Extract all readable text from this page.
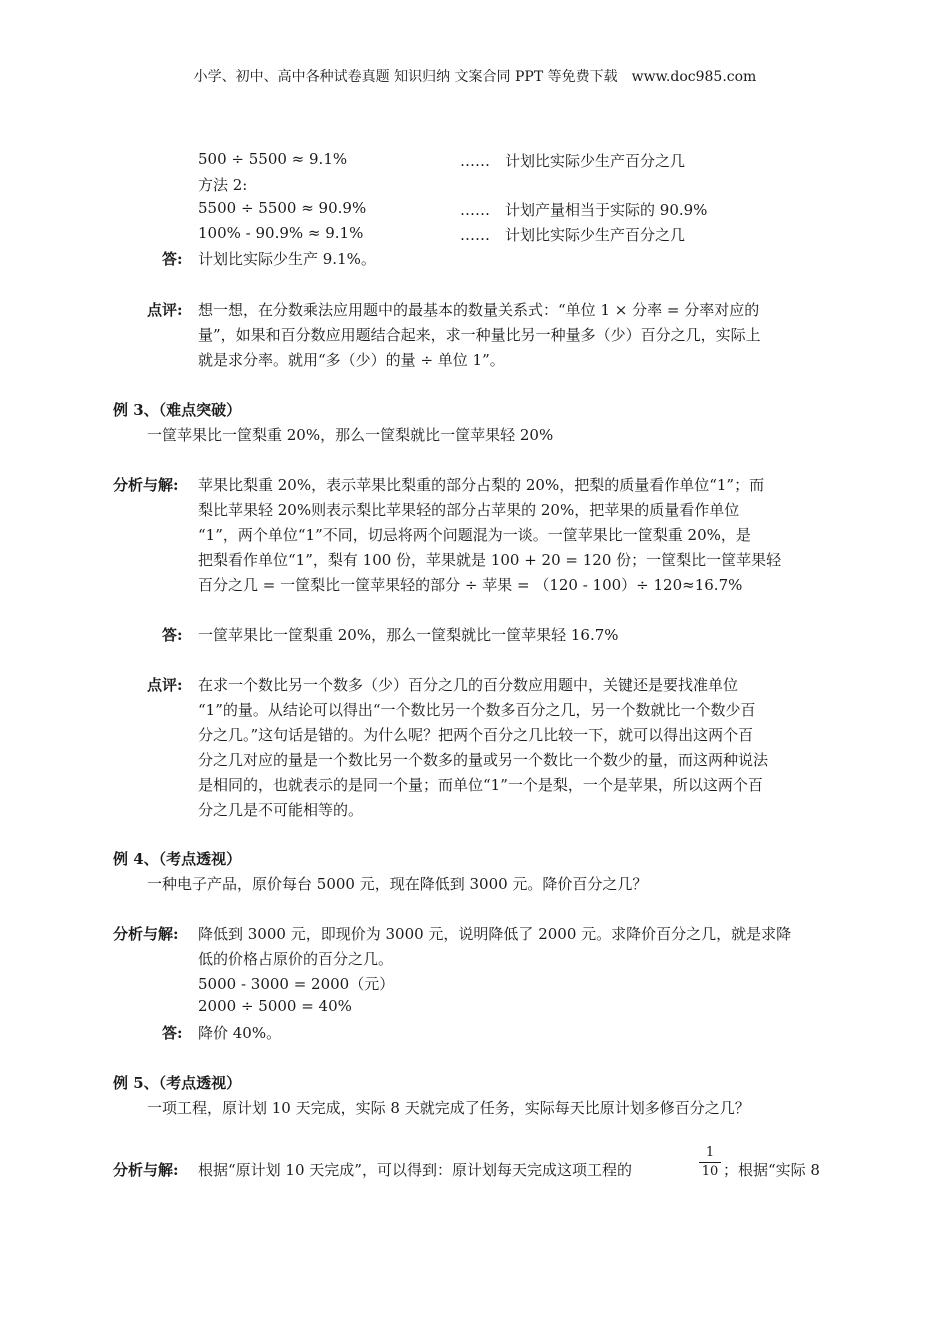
小学、初中、高中各种试卷真题 知识归纳 文案合同 PPT 等免费下载　www.doc985.com
500 ÷ 5500 ≈ 9.1%	……　计划比实际少生产百分之几
方法 2:
5500 ÷ 5500 ≈ 90.9%	……　计划产量相当于实际的 90.9%
100% - 90.9% ≈ 9.1%	……　计划比实际少生产百分之几
答: 计划比实际少生产 9.1%。
点评: 想一想，在分数乘法应用题中的最基本的数量关系式：“单位 1 × 分率 = 分率对应的
量”，如果和百分数应用题结合起来，求一种量比另一种量多（少）百分之几，实际上
就是求分率。就用“多（少）的量 ÷ 单位 1”。
例 3、（难点突破）
一筐苹果比一筐梨重 20%，那么一筐梨就比一筐苹果轻 20%
分析与解: 苹果比梨重 20%，表示苹果比梨重的部分占梨的 20%，把梨的质量看作单位“1”；而
梨比苹果轻 20%则表示梨比苹果轻的部分占苹果的 20%，把苹果的质量看作单位
“1”，两个单位“1”不同，切忌将两个问题混为一谈。一筐苹果比一筐梨重 20%，是
把梨看作单位“1”，梨有 100 份，苹果就是 100 + 20 = 120 份；一筐梨比一筐苹果轻
百分之几 = 一筐梨比一筐苹果轻的部分 ÷ 苹果 = （120 - 100）÷ 120≈16.7%
答: 一筐苹果比一筐梨重 20%，那么一筐梨就比一筐苹果轻 16.7%
点评: 在求一个数比另一个数多（少）百分之几的百分数应用题中，关键还是要找准单位
“1”的量。从结论可以得出“一个数比另一个数多百分之几，另一个数就比一个数少百
分之几。”这句话是错的。为什么呢？把两个百分之几比较一下，就可以得出这两个百
分之几对应的量是一个数比另一个数多的量或另一个数比一个数少的量，而这两种说法
是相同的，也就表示的是同一个量；而单位“1”一个是梨，一个是苹果，所以这两个百
分之几是不可能相等的。
例 4、（考点透视）
一种电子产品，原价每台 5000 元，现在降低到 3000 元。降价百分之几？
分析与解: 降低到 3000 元，即现价为 3000 元，说明降低了 2000 元。求降价百分之几，就是求降
低的价格占原价的百分之几。
5000 - 3000 = 2000（元）
2000 ÷ 5000 = 40%
答: 降价 40%。
例 5、（考点透视）
一项工程，原计划 10 天完成，实际 8 天就完成了任务，实际每天比原计划多修百分之几？
分析与解: 根据“原计划 10 天完成”，可以得到：原计划每天完成这项工程的
1
10 ；根据“实际 8
